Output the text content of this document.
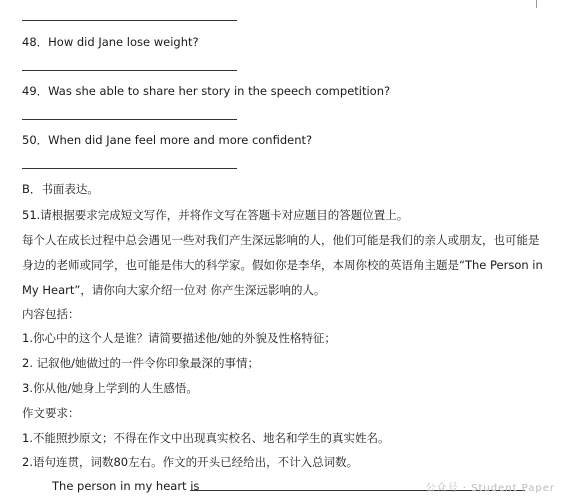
48．How did Jane lose weight?
49．Was she able to share her story in the speech competition?
50．When did Jane feel more and more confident?
B．书面表达。
51.请根据要求完成短文写作，并将作文写在答题卡对应题目的答题位置上。
每个人在成长过程中总会遇见一些对我们产生深远影响的人，他们可能是我们的亲人或朋友，也可能是
身边的老师或同学，也可能是伟大的科学家。假如你是李华，本周你校的英语角主题是“The Person in
My Heart”，请你向大家介绍一位对 你产生深远影响的人。
内容包括：
1.你心中的这个人是谁？请简要描述他/她的外貌及性格特征；
2. 记叙他/她做过的一件令你印象最深的事情；
3.你从他/她身上学到的人生感悟。
作文要求：
1.不能照抄原文；不得在作文中出现真实校名、地名和学生的真实姓名。
2.语句连贯，词数80左右。作文的开头已经给出，不计入总词数。
The person in my heart is	公众号 · Student Paper
